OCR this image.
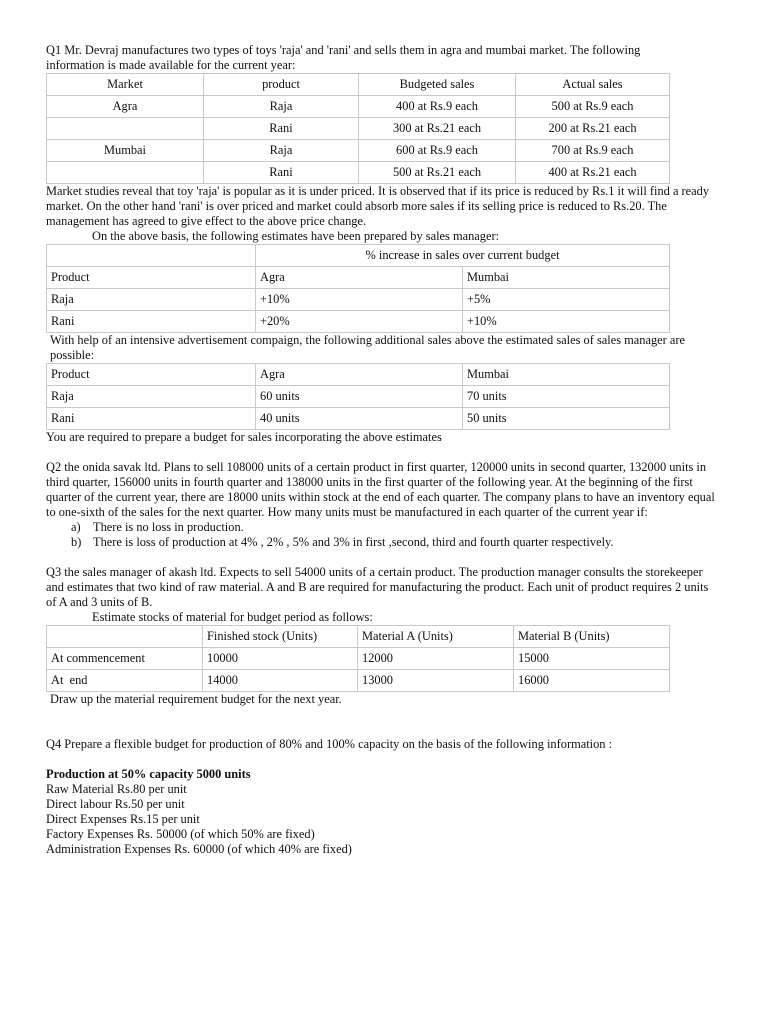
Q1 Mr. Devraj manufactures two types of toys 'raja' and 'rani' and sells them in agra and mumbai market. The following information is made available for the current year:

Market	product	Budgeted sales	Actual sales
Agra	Raja	400 at Rs.9 each	500 at Rs.9 each
	Rani	300 at Rs.21 each	200 at Rs.21 each
Mumbai	Raja	600 at Rs.9 each	700 at Rs.9 each
	Rani	500 at Rs.21 each	400 at Rs.21 each

Market studies reveal that toy 'raja' is popular as it is under priced. It is observed that if its price is reduced by Rs.1 it will find a ready market. On the other hand 'rani' is over priced and market could absorb more sales if its selling price is reduced to Rs.20. The management has agreed to give effect to the above price change.

On the above basis, the following estimates have been prepared by sales manager:

	% increase in sales over current budget	
Product	Agra	Mumbai
Raja	+10%	+5%
Rani	+20%	+10%

With help of an intensive advertisement compaign, the following additional sales above the estimated sales of sales manager are possible:

Product	Agra	Mumbai
Raja	60 units	70 units
Rani	40 units	50 units

You are required to prepare a budget for sales incorporating the above estimates

Q2 the onida savak ltd. Plans to sell 108000 units of a certain product in first quarter, 120000 units in second quarter, 132000 units in third quarter, 156000 units in fourth quarter and 138000 units in the first quarter of the following year. At the beginning of the first quarter of the current year, there are 18000 units within stock at the end of each quarter. The company plans to have an inventory equal to one-sixth of the sales for the next quarter. How many units must be manufactured in each quarter of the current year if:

a) There is no loss in production.
b) There is loss of production at 4% , 2% , 5% and 3% in first ,second, third and fourth quarter respectively.

Q3 the sales manager of akash ltd. Expects to sell 54000 units of a certain product. The production manager consults the storekeeper and estimates that two kind of raw material. A and B are required for manufacturing the product. Each unit of product requires 2 units of A and 3 units of B.

Estimate stocks of material for budget period as follows:

	Finished stock (Units)	Material A (Units)	Material B (Units)
At commencement	10000	12000	15000
At  end	14000	13000	16000

Draw up the material requirement budget for the next year.

Q4 Prepare a flexible budget for production of 80% and 100% capacity on the basis of the following information :

Production at 50% capacity 5000 units

Raw Material Rs.80 per unit

Direct labour Rs.50 per unit

Direct Expenses Rs.15 per unit

Factory Expenses Rs. 50000 (of which 50% are fixed)

Administration Expenses Rs. 60000 (of which 40% are fixed)
